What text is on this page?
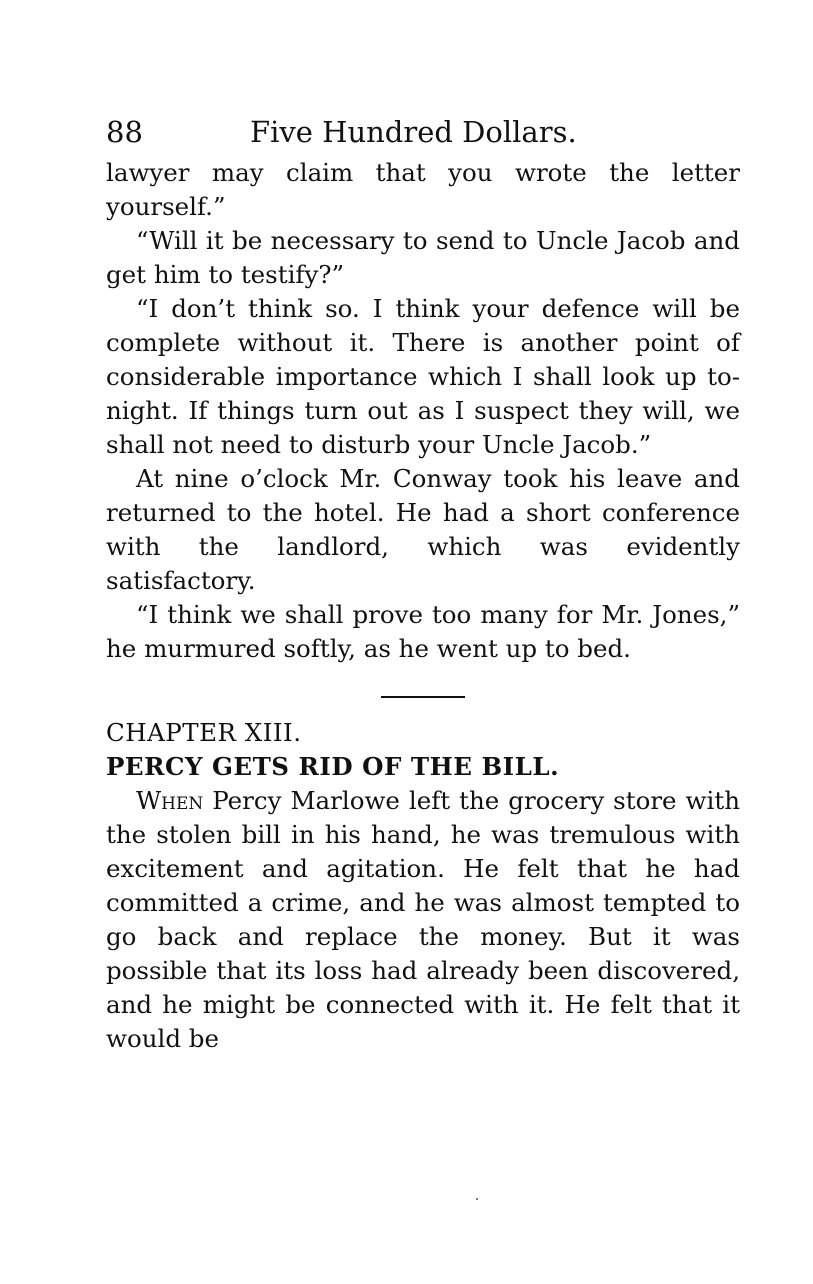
88	Five Hundred Dollars.

lawyer may claim that you wrote the letter yourself.”

“Will it be necessary to send to Uncle Jacob and get him to testify?”

“I don’t think so. I think your defence will be complete without it. There is another point of considerable importance which I shall look up to-night. If things turn out as I suspect they will, we shall not need to disturb your Uncle Jacob.”

At nine o’clock Mr. Conway took his leave and returned to the hotel. He had a short conference with the landlord, which was evidently satisfactory.

“I think we shall prove too many for Mr. Jones,” he murmured softly, as he went up to bed.

CHAPTER XIII.

PERCY GETS RID OF THE BILL.

When Percy Marlowe left the grocery store with the stolen bill in his hand, he was tremulous with excitement and agitation. He felt that he had committed a crime, and he was almost tempted to go back and replace the money. But it was possible that its loss had already been discovered, and he might be connected with it. He felt that it would be
